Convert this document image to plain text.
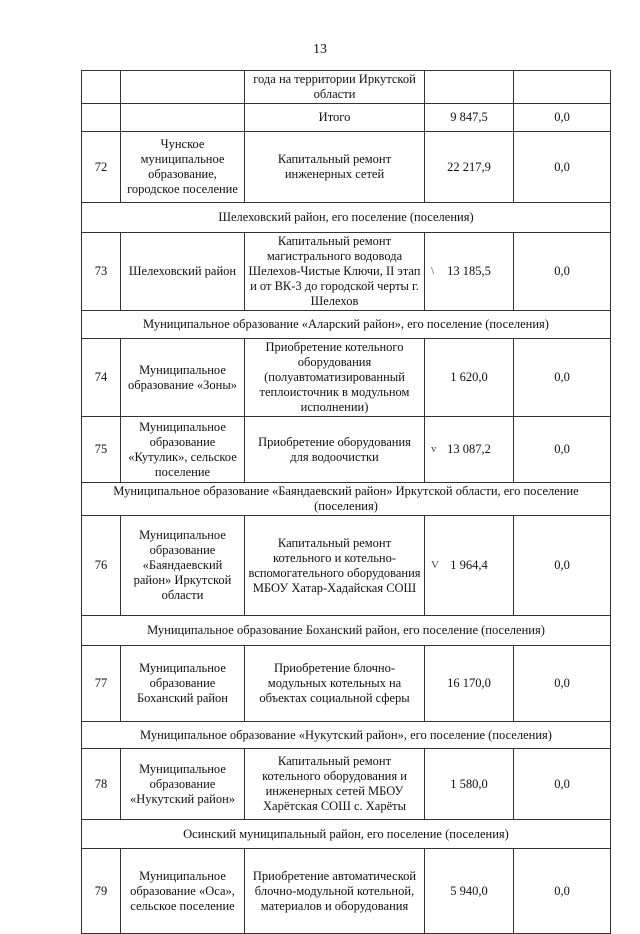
13
		года на территории Иркутской области		
		Итого	9 847,5	0,0
72	Чунское муниципальное образование, городское поселение	Капитальный ремонт инженерных сетей	22 217,9	0,0
Шелеховский район, его поселение (поселения)				
73	Шелеховский район	Капитальный ремонт магистрального водовода Шелехов-Чистые Ключи, II этап и от ВК-3 до городской черты г. Шелехов	\ 13 185,5	0,0
Муниципальное образование «Аларский район», его поселение (поселения)				
74	Муниципальное образование «Зоны»	Приобретение котельного оборудования (полуавтоматизированный теплоисточник в модульном исполнении)	1 620,0	0,0
75	Муниципальное образование «Кутулик», сельское поселение	Приобретение оборудования для водоочистки	v 13 087,2	0,0
Муниципальное образование «Баяндаевский район» Иркутской области, его поселение (поселения)				
76	Муниципальное образование «Баяндаевский район» Иркутской области	Капитальный ремонт котельного и котельно-вспомогательного оборудования МБОУ Хатар-Хадайская СОШ	V 1 964,4	0,0
Муниципальное образование Боханский район, его поселение (поселения)				
77	Муниципальное образование Боханский район	Приобретение блочно-модульных котельных на объектах социальной сферы	16 170,0	0,0
Муниципальное образование «Нукутский район», его поселение (поселения)				
78	Муниципальное образование «Нукутский район»	Капитальный ремонт котельного оборудования и инженерных сетей МБОУ Харётская СОШ с. Харёты	1 580,0	0,0
Осинский муниципальный район, его поселение (поселения)				
79	Муниципальное образование «Оса», сельское поселение	Приобретение автоматической блочно-модульной котельной, материалов и оборудования	5 940,0	0,0
